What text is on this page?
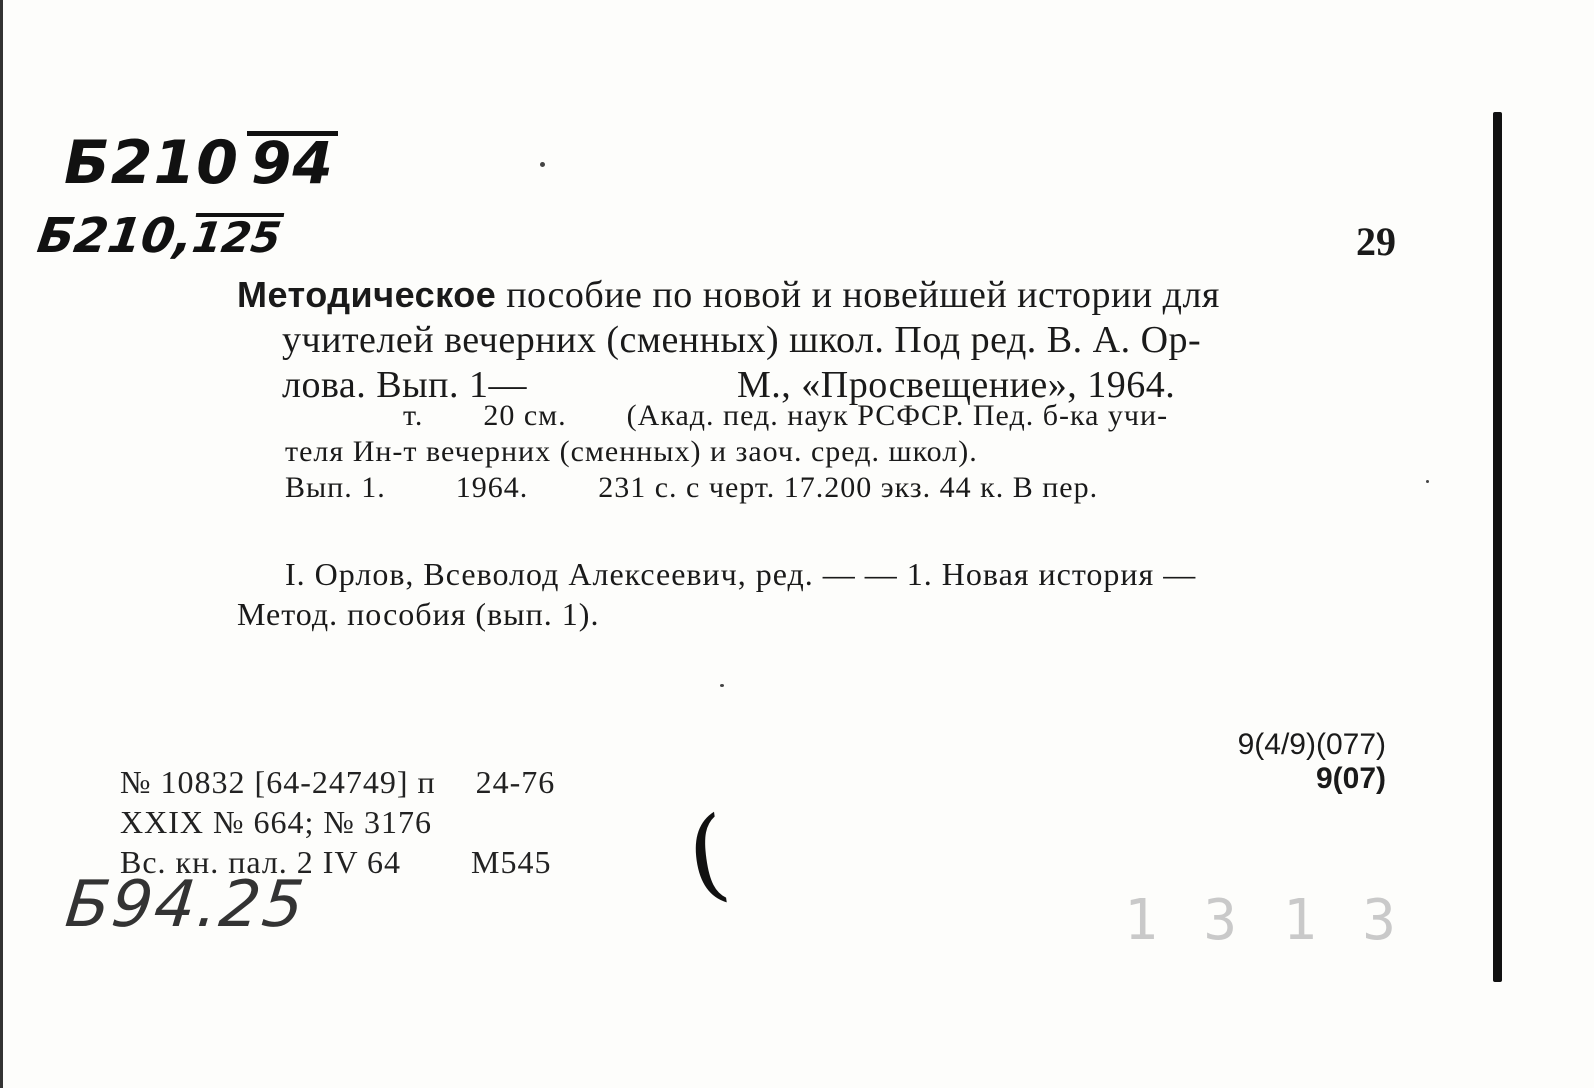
Б210 94
Б210,125	29
Методическое пособие по новой и новейшей истории для
учителей вечерних (сменных) школ. Под ред. В. А. Ор-
лова. Вып. 1—	М., «Просвещение», 1964.
т. 20 см. (Акад. пед. наук РСФСР. Пед. б-ка учи-
теля Ин-т вечерних (сменных) и заоч. сред. школ).
Вып. 1. 1964. 231 с. с черт. 17.200 экз. 44 к. В пер.
I. Орлов, Всеволод Алексеевич, ред. — — 1. Новая история —
Метод. пособия (вып. 1).
9(4/9)(077)
9(07)
№ 10832 [64-24749] п 24-76
XXIX № 664; № 3176
Вс. кн. пал. 2 IV 64 М545 (
Б94.25	1 3 1 3
